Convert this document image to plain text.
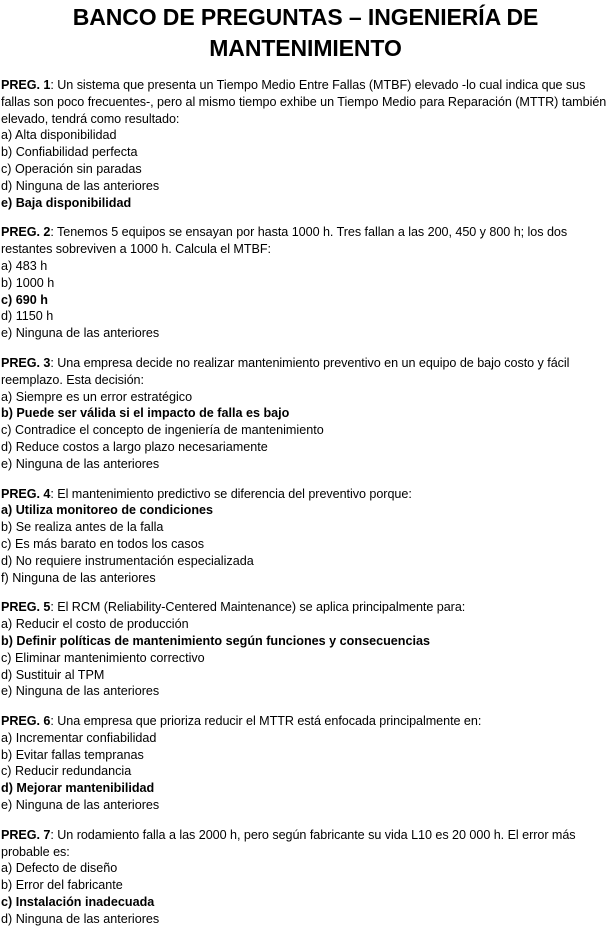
BANCO DE PREGUNTAS – INGENIERÍA DE
MANTENIMIENTO

PREG. 1: Un sistema que presenta un Tiempo Medio Entre Fallas (MTBF) elevado -lo cual indica que sus fallas son poco frecuentes-, pero al mismo tiempo exhibe un Tiempo Medio para Reparación (MTTR) también elevado, tendrá como resultado:

a) Alta disponibilidad
b) Confiabilidad perfecta
c) Operación sin paradas
d) Ninguna de las anteriores
e) Baja disponibilidad

PREG. 2: Tenemos 5 equipos se ensayan por hasta 1000 h. Tres fallan a las 200, 450 y 800 h; los dos restantes sobreviven a 1000 h. Calcula el MTBF:

a) 483 h
b) 1000 h
c) 690 h
d) 1150 h
e) Ninguna de las anteriores

PREG. 3: Una empresa decide no realizar mantenimiento preventivo en un equipo de bajo costo y fácil reemplazo. Esta decisión:

a) Siempre es un error estratégico
b) Puede ser válida si el impacto de falla es bajo
c) Contradice el concepto de ingeniería de mantenimiento
d) Reduce costos a largo plazo necesariamente
e) Ninguna de las anteriores

PREG. 4: El mantenimiento predictivo se diferencia del preventivo porque:

a) Utiliza monitoreo de condiciones
b) Se realiza antes de la falla
c) Es más barato en todos los casos
d) No requiere instrumentación especializada
f) Ninguna de las anteriores

PREG. 5: El RCM (Reliability-Centered Maintenance) se aplica principalmente para:

a) Reducir el costo de producción
b) Definir políticas de mantenimiento según funciones y consecuencias
c) Eliminar mantenimiento correctivo
d) Sustituir al TPM
e) Ninguna de las anteriores

PREG. 6: Una empresa que prioriza reducir el MTTR está enfocada principalmente en:

a) Incrementar confiabilidad
b) Evitar fallas tempranas
c) Reducir redundancia
d) Mejorar mantenibilidad
e) Ninguna de las anteriores

PREG. 7: Un rodamiento falla a las 2000 h, pero según fabricante su vida L10 es 20 000 h. El error más probable es:

a) Defecto de diseño
b) Error del fabricante
c) Instalación inadecuada
d) Ninguna de las anteriores
